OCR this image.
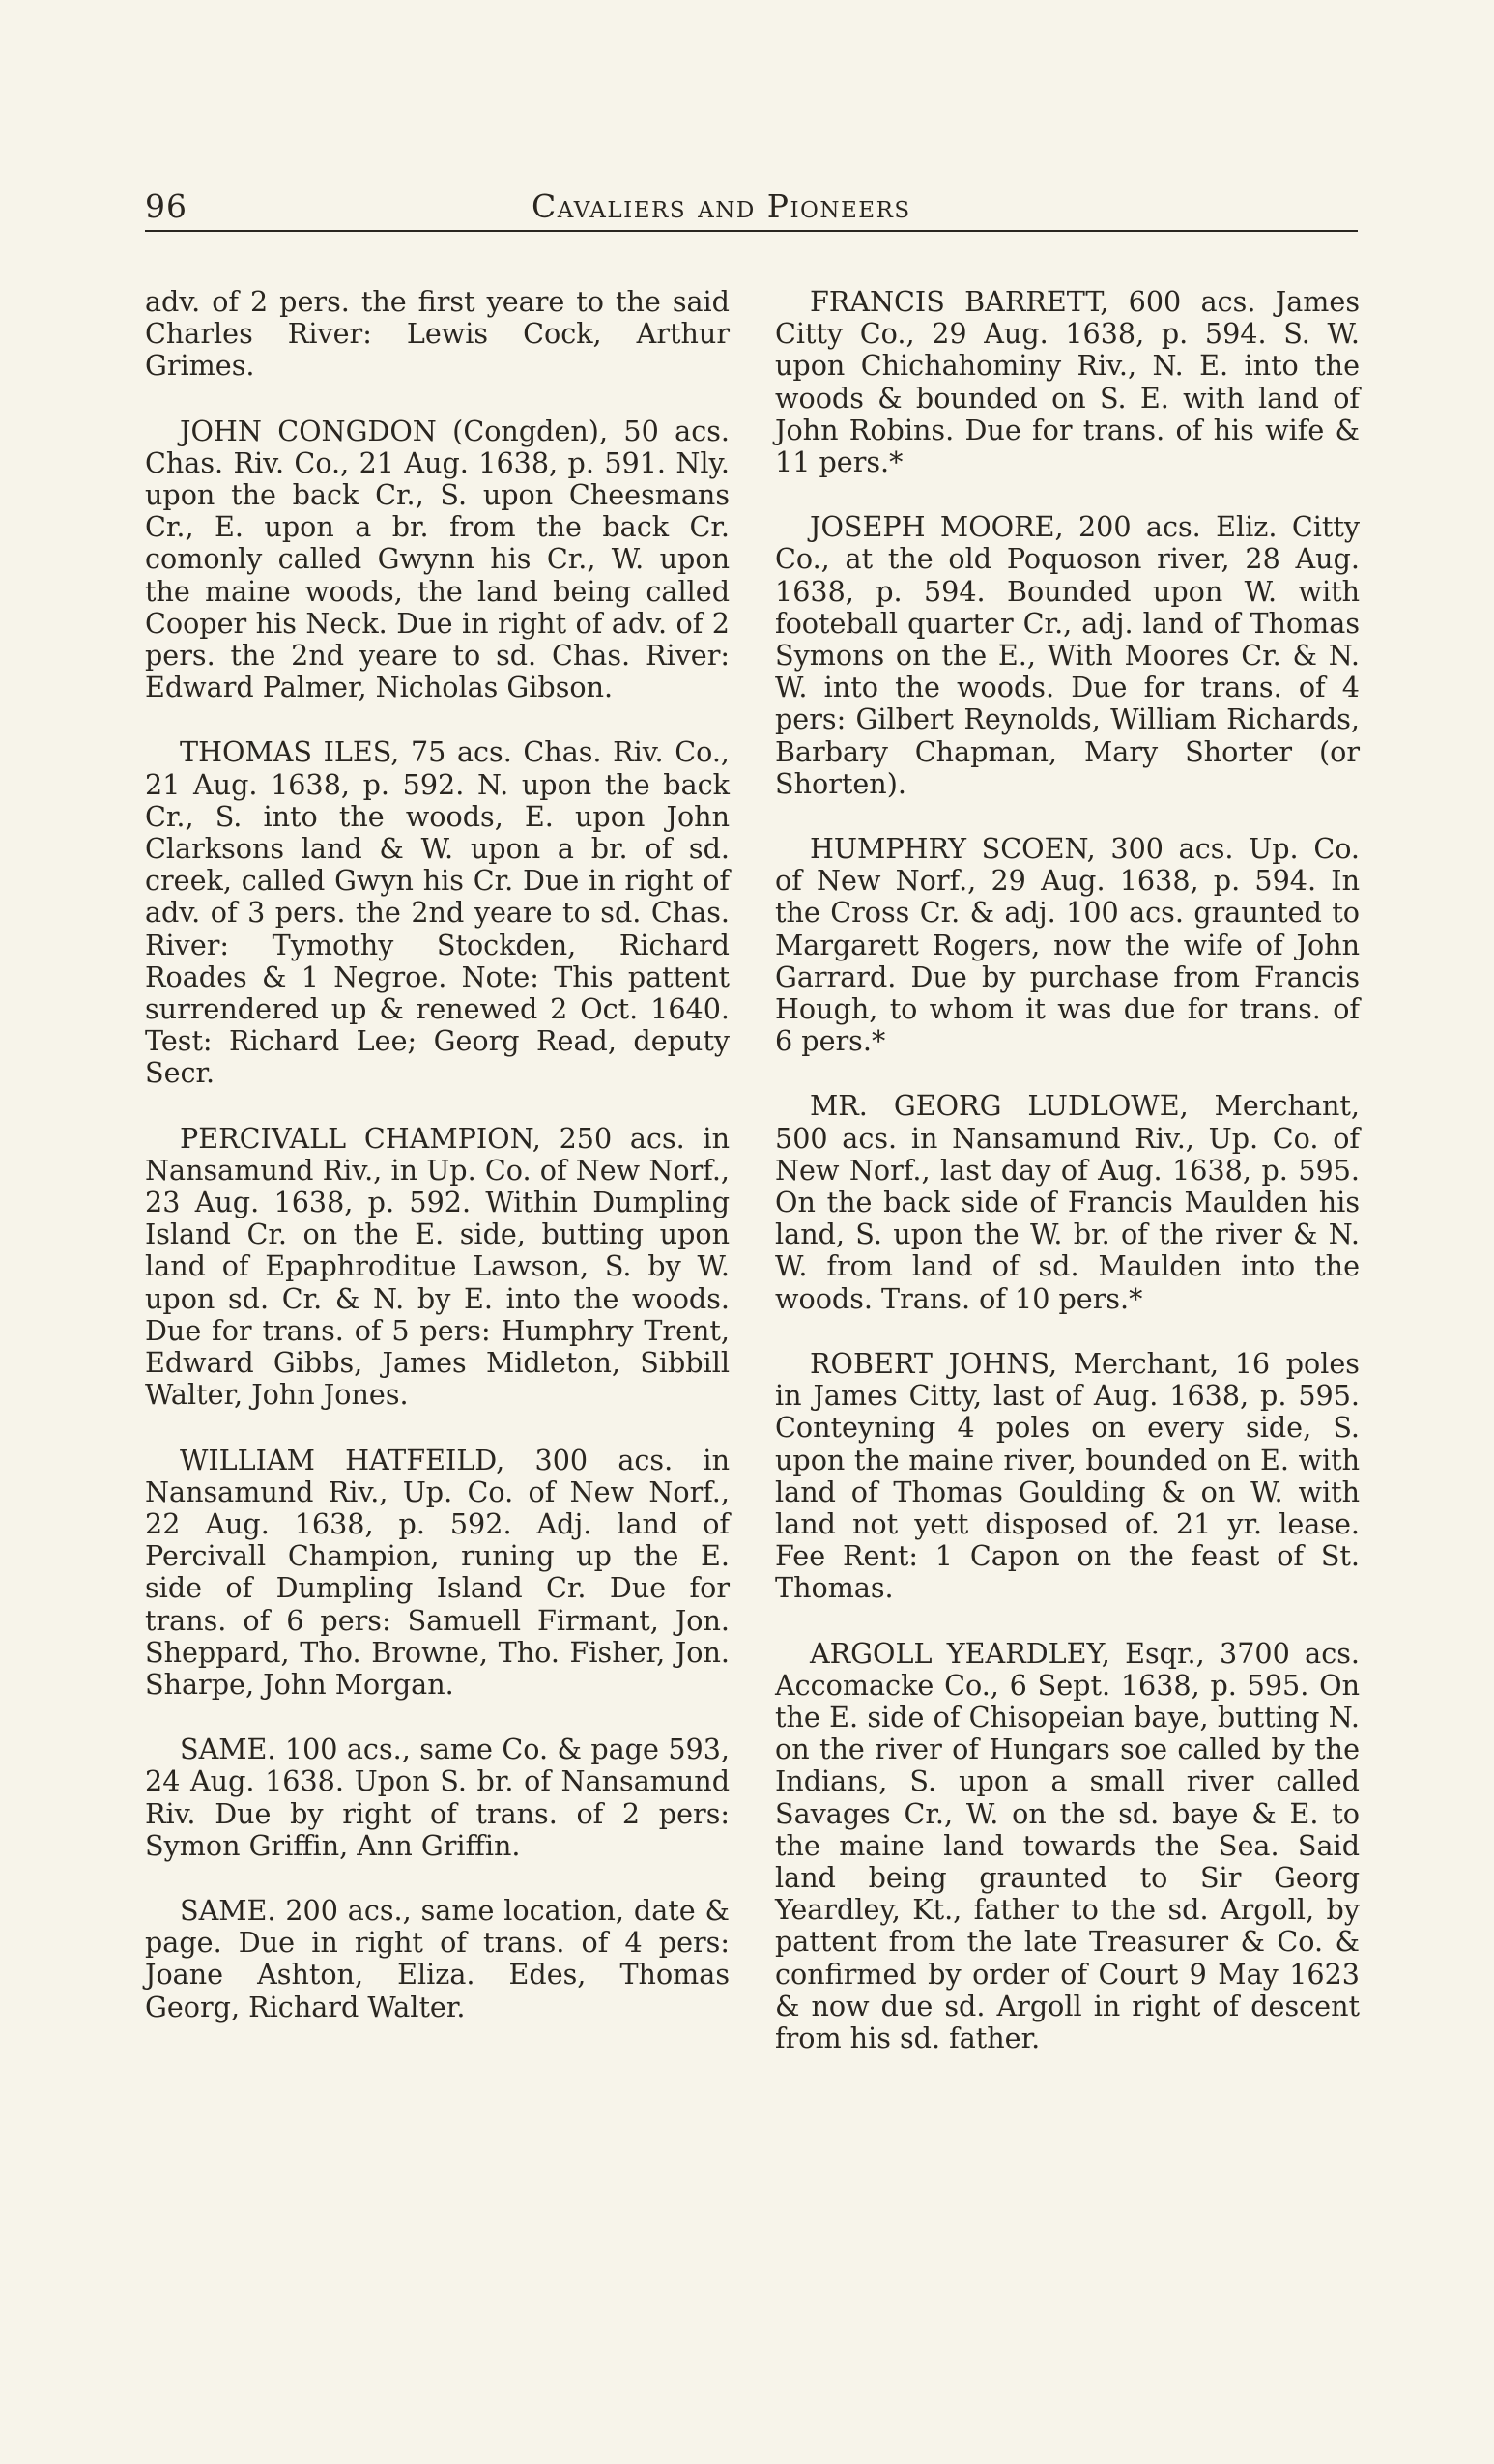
96	Cavaliers and Pioneers

adv. of 2 pers. the first yeare to the said Charles River: Lewis Cock, Arthur Grimes.

JOHN CONGDON (Congden), 50 acs. Chas. Riv. Co., 21 Aug. 1638, p. 591. Nly. upon the back Cr., S. upon Cheesmans Cr., E. upon a br. from the back Cr. comonly called Gwynn his Cr., W. upon the maine woods, the land being called Cooper his Neck. Due in right of adv. of 2 pers. the 2nd yeare to sd. Chas. River: Edward Palmer, Nicholas Gibson.

THOMAS ILES, 75 acs. Chas. Riv. Co., 21 Aug. 1638, p. 592. N. upon the back Cr., S. into the woods, E. upon John Clarksons land & W. upon a br. of sd. creek, called Gwyn his Cr. Due in right of adv. of 3 pers. the 2nd yeare to sd. Chas. River: Tymothy Stockden, Richard Roades & 1 Negroe. Note: This pattent surrendered up & renewed 2 Oct. 1640. Test: Richard Lee; Georg Read, deputy Secr.

PERCIVALL CHAMPION, 250 acs. in Nansamund Riv., in Up. Co. of New Norf., 23 Aug. 1638, p. 592. Within Dumpling Island Cr. on the E. side, butting upon land of Epaphroditue Lawson, S. by W. upon sd. Cr. & N. by E. into the woods. Due for trans. of 5 pers: Humphry Trent, Edward Gibbs, James Midleton, Sibbill Walter, John Jones.

WILLIAM HATFEILD, 300 acs. in Nansamund Riv., Up. Co. of New Norf., 22 Aug. 1638, p. 592. Adj. land of Percivall Champion, runing up the E. side of Dumpling Island Cr. Due for trans. of 6 pers: Samuell Firmant, Jon. Sheppard, Tho. Browne, Tho. Fisher, Jon. Sharpe, John Morgan.

SAME. 100 acs., same Co. & page 593, 24 Aug. 1638. Upon S. br. of Nansamund Riv. Due by right of trans. of 2 pers: Symon Griffin, Ann Griffin.

SAME. 200 acs., same location, date & page. Due in right of trans. of 4 pers: Joane Ashton, Eliza. Edes, Thomas Georg, Richard Walter.

FRANCIS BARRETT, 600 acs. James Citty Co., 29 Aug. 1638, p. 594. S. W. upon Chichahominy Riv., N. E. into the woods & bounded on S. E. with land of John Robins. Due for trans. of his wife & 11 pers.*

JOSEPH MOORE, 200 acs. Eliz. Citty Co., at the old Poquoson river, 28 Aug. 1638, p. 594. Bounded upon W. with footeball quarter Cr., adj. land of Thomas Symons on the E., With Moores Cr. & N. W. into the woods. Due for trans. of 4 pers: Gilbert Reynolds, William Richards, Barbary Chapman, Mary Shorter (or Shorten).

HUMPHRY SCOEN, 300 acs. Up. Co. of New Norf., 29 Aug. 1638, p. 594. In the Cross Cr. & adj. 100 acs. graunted to Margarett Rogers, now the wife of John Garrard. Due by purchase from Francis Hough, to whom it was due for trans. of 6 pers.*

MR. GEORG LUDLOWE, Merchant, 500 acs. in Nansamund Riv., Up. Co. of New Norf., last day of Aug. 1638, p. 595. On the back side of Francis Maulden his land, S. upon the W. br. of the river & N. W. from land of sd. Maulden into the woods. Trans. of 10 pers.*

ROBERT JOHNS, Merchant, 16 poles in James Citty, last of Aug. 1638, p. 595. Conteyning 4 poles on every side, S. upon the maine river, bounded on E. with land of Thomas Goulding & on W. with land not yett disposed of. 21 yr. lease. Fee Rent: 1 Capon on the feast of St. Thomas.

ARGOLL YEARDLEY, Esqr., 3700 acs. Accomacke Co., 6 Sept. 1638, p. 595. On the E. side of Chisopeian baye, butting N. on the river of Hungars soe called by the Indians, S. upon a small river called Savages Cr., W. on the sd. baye & E. to the maine land towards the Sea. Said land being graunted to Sir Georg Yeardley, Kt., father to the sd. Argoll, by pattent from the late Treasurer & Co. & confirmed by order of Court 9 May 1623 & now due sd. Argoll in right of descent from his sd. father.
